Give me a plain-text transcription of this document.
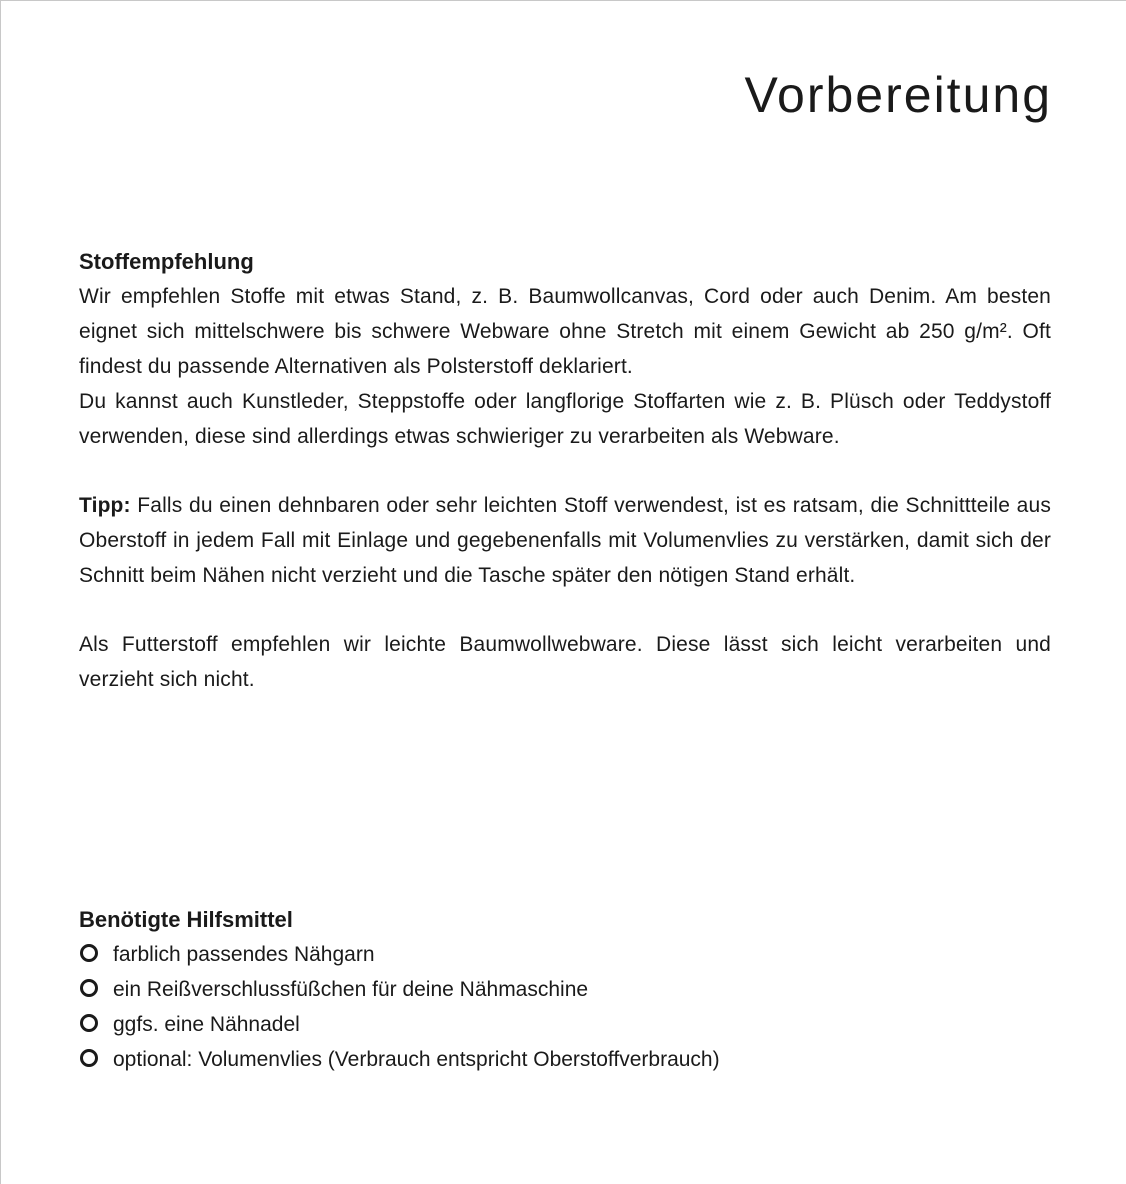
Vorbereitung

Stoffempfehlung

Wir empfehlen Stoffe mit etwas Stand, z. B. Baumwollcanvas, Cord oder auch Denim. Am besten eignet sich mittelschwere bis schwere Webware ohne Stretch mit einem Gewicht ab 250 g/m². Oft findest du passende Alternativen als Polsterstoff deklariert.

Du kannst auch Kunstleder, Steppstoffe oder langflorige Stoffarten wie z. B. Plüsch oder Teddystoff verwenden, diese sind allerdings etwas schwieriger zu verarbeiten als Webware.

Tipp: Falls du einen dehnbaren oder sehr leichten Stoff verwendest, ist es ratsam, die Schnittteile aus Oberstoff in jedem Fall mit Einlage und gegebenenfalls mit Volumenvlies zu verstärken, damit sich der Schnitt beim Nähen nicht verzieht und die Tasche später den nötigen Stand erhält.

Als Futterstoff empfehlen wir leichte Baumwollwebware. Diese lässt sich leicht verarbeiten und verzieht sich nicht.

Benötigte Hilfsmittel

farblich passendes Nähgarn
ein Reißverschlussfüßchen für deine Nähmaschine
ggfs. eine Nähnadel
optional: Volumenvlies (Verbrauch entspricht Oberstoffverbrauch)
